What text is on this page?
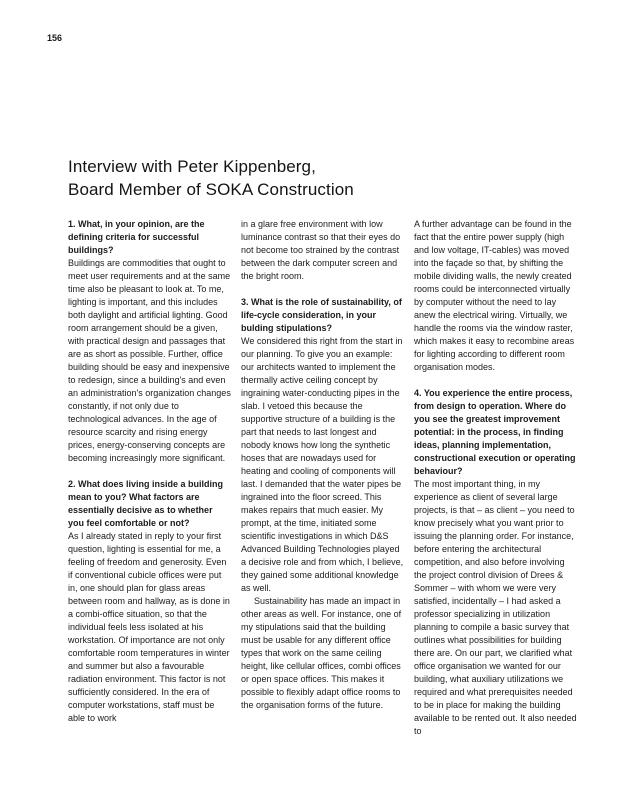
156
Interview with Peter Kippenberg,
Board Member of SOKA Construction

1. What, in your opinion, are the defining criteria for successful buildings?

Buildings are commodities that ought to meet user requirements and at the same time also be pleasant to look at. To me, lighting is important, and this includes both daylight and artificial lighting. Good room arrangement should be a given, with practical design and passages that are as short as possible. Further, office building should be easy and inexpensive to redesign, since a building's and even an administration's organization changes constantly, if not only due to technological advances. In the age of resource scarcity and rising energy prices, energy-conserving concepts are becoming increasingly more significant.

2. What does living inside a building mean to you? What factors are essentially decisive as to whether you feel comfortable or not?

As I already stated in reply to your first question, lighting is essential for me, a feeling of freedom and generosity. Even if conventional cubicle offices were put in, one should plan for glass areas between room and hallway, as is done in a combi-office situation, so that the individual feels less isolated at his workstation. Of importance are not only comfortable room temperatures in winter and summer but also a favourable radiation environment. This factor is not sufficiently considered. In the era of computer workstations, staff must be able to work

in a glare free environment with low luminance contrast so that their eyes do not become too strained by the contrast between the dark computer screen and the bright room.

3. What is the role of sustainability, of life-cycle consideration, in your bulding stipulations?

We considered this right from the start in our planning. To give you an example: our architects wanted to implement the thermally active ceiling concept by ingraining water-conducting pipes in the slab. I vetoed this because the supportive structure of a building is the part that needs to last longest and nobody knows how long the synthetic hoses that are nowadays used for heating and cooling of components will last. I demanded that the water pipes be ingrained into the floor screed. This makes repairs that much easier. My prompt, at the time, initiated some scientific investigations in which D&S Advanced Building Technologies played a decisive role and from which, I believe, they gained some additional knowledge as well.

Sustainability has made an impact in other areas as well. For instance, one of my stipulations said that the building must be usable for any different office types that work on the same ceiling height, like cellular offices, combi offices or open space offices. This makes it possible to flexibly adapt office rooms to the organisation forms of the future.

A further advantage can be found in the fact that the entire power supply (high and low voltage, IT-cables) was moved into the façade so that, by shifting the mobile dividing walls, the newly created rooms could be interconnected virtually by computer without the need to lay anew the electrical wiring. Virtually, we handle the rooms via the window raster, which makes it easy to recombine areas for lighting according to different room organisation modes.

4. You experience the entire process, from design to operation. Where do you see the greatest improvement potential: in the process, in finding ideas, planning implementation, constructional execution or operating behaviour?

The most important thing, in my experience as client of several large projects, is that – as client – you need to know precisely what you want prior to issuing the planning order. For instance, before entering the architectural competition, and also before involving the project control division of Drees & Sommer – with whom we were very satisfied, incidentally – I had asked a professor specializing in utilization planning to compile a basic survey that outlines what possibilities for building there are. On our part, we clarified what office organisation we wanted for our building, what auxiliary utilizations we required and what prerequisites needed to be in place for making the building available to be rented out. It also needed to
